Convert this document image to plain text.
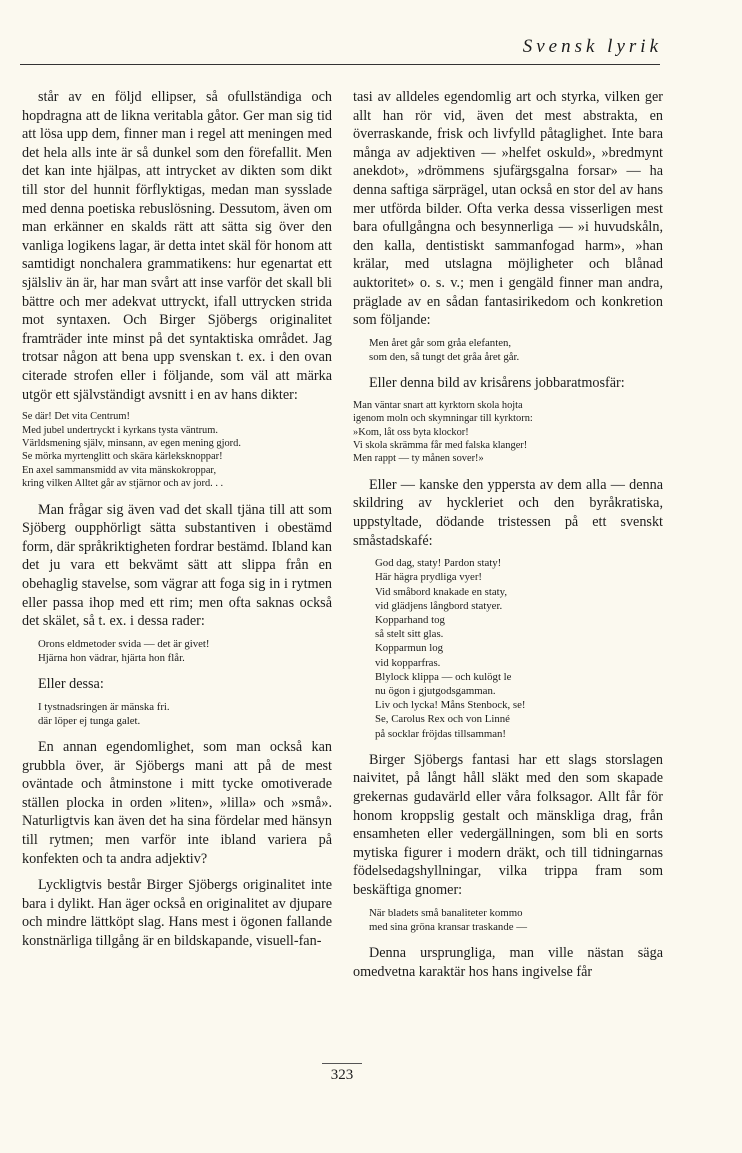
Svensk lyrik

står av en följd ellipser, så ofullständiga och hopdragna att de likna veritabla gåtor. Ger man sig tid att lösa upp dem, finner man i regel att meningen med det hela alls inte är så dunkel som den förefallit. Men det kan inte hjälpas, att intrycket av dikten som dikt till stor del hunnit förflyktigas, medan man sysslade med denna poetiska rebuslösning. Dessutom, även om man erkänner en skalds rätt att sätta sig över den vanliga logikens lagar, är detta intet skäl för honom att samtidigt nonchalera grammatikens: hur egenartat ett själsliv än är, har man svårt att inse varför det skall bli bättre och mer adekvat uttryckt, ifall uttrycken strida mot syntaxen. Och Birger Sjöbergs originalitet framträder inte minst på det syntaktiska området. Jag trotsar någon att bena upp svenskan t. ex. i den ovan citerade strofen eller i följande, som väl att märka utgör ett självständigt avsnitt i en av hans dikter:

Se där! Det vita Centrum!
Med jubel undertryckt i kyrkans tysta väntrum.
Världsmening själv, minsann, av egen mening gjord.
Se mörka myrtenglitt och skära kärleksknoppar!
En axel sammansmidd av vita mänskokroppar,
kring vilken Alltet går av stjärnor och av jord. . .

Man frågar sig även vad det skall tjäna till att som Sjöberg oupphörligt sätta substantiven i obestämd form, där språkriktigheten fordrar bestämd. Ibland kan det ju vara ett bekvämt sätt att slippa från en obehaglig stavelse, som vägrar att foga sig in i rytmen eller passa ihop med ett rim; men ofta saknas också det skälet, så t. ex. i dessa rader:

Orons eldmetoder svida — det är givet!
Hjärna hon vädrar, hjärta hon flår.

Eller dessa:

I tystnadsringen är mänska fri.
där löper ej tunga galet.

En annan egendomlighet, som man också kan grubbla över, är Sjöbergs mani att på de mest oväntade och åtminstone i mitt tycke omotiverade ställen plocka in orden »liten», »lilla» och »små». Naturligtvis kan även det ha sina fördelar med hänsyn till rytmen; men varför inte ibland variera på konfekten och ta andra adjektiv?

Lyckligtvis består Birger Sjöbergs originalitet inte bara i dylikt. Han äger också en originalitet av djupare och mindre lättköpt slag. Hans mest i ögonen fallande konstnärliga tillgång är en bildskapande, visuell-fan-

tasi av alldeles egendomlig art och styrka, vilken ger allt han rör vid, även det mest abstrakta, en överraskande, frisk och livfylld påtaglighet. Inte bara många av adjektiven — »helfet oskuld», »bredmynt anekdot», »drömmens sjufärgsgalna forsar» — ha denna saftiga särprägel, utan också en stor del av hans mer utförda bilder. Ofta verka dessa visserligen mest bara ofullgångna och besynnerliga — »i huvudskåln, den kalla, dentistiskt sammanfogad harm», »han krälar, med utslagna möjligheter och blånad auktoritet» o. s. v.; men i gengäld finner man andra, präglade av en sådan fantasirikedom och konkretion som följande:

Men året går som gråa elefanten,
som den, så tungt det gråa året går.

Eller denna bild av krisårens jobbaratmosfär:

Man väntar snart att kyrktorn skola hojta
igenom moln och skymningar till kyrktorn:
»Kom, låt oss byta klockor!
Vi skola skrämma får med falska klanger!
Men rappt — ty månen sover!»

Eller — kanske den yppersta av dem alla — denna skildring av hyckleriet och den byråkratiska, uppstyltade, dödande tristessen på ett svenskt småstadskafé:

God dag, staty! Pardon staty!
Här hägra prydliga vyer!
Vid småbord knakade en staty,
vid glädjens långbord statyer.
Kopparhand tog
så stelt sitt glas.
Kopparmun log
vid kopparfras.
Blylock klippa — och kulögt le
nu ögon i gjutgodsgamman.
Liv och lycka! Måns Stenbock, se!
Se, Carolus Rex och von Linné
på socklar fröjdas tillsamman!

Birger Sjöbergs fantasi har ett slags storslagen naivitet, på långt håll släkt med den som skapade grekernas gudavärld eller våra folksagor. Allt får för honom kroppslig gestalt och mänskliga drag, från ensamheten eller vedergällningen, som bli en sorts mytiska figurer i modern dräkt, och till tidningarnas födelsedagshyllningar, vilka trippa fram som beskäftiga gnomer:

När bladets små banaliteter kommo
med sina gröna kransar traskande —

Denna ursprungliga, man ville nästan säga omedvetna karaktär hos hans ingivelse får

323
